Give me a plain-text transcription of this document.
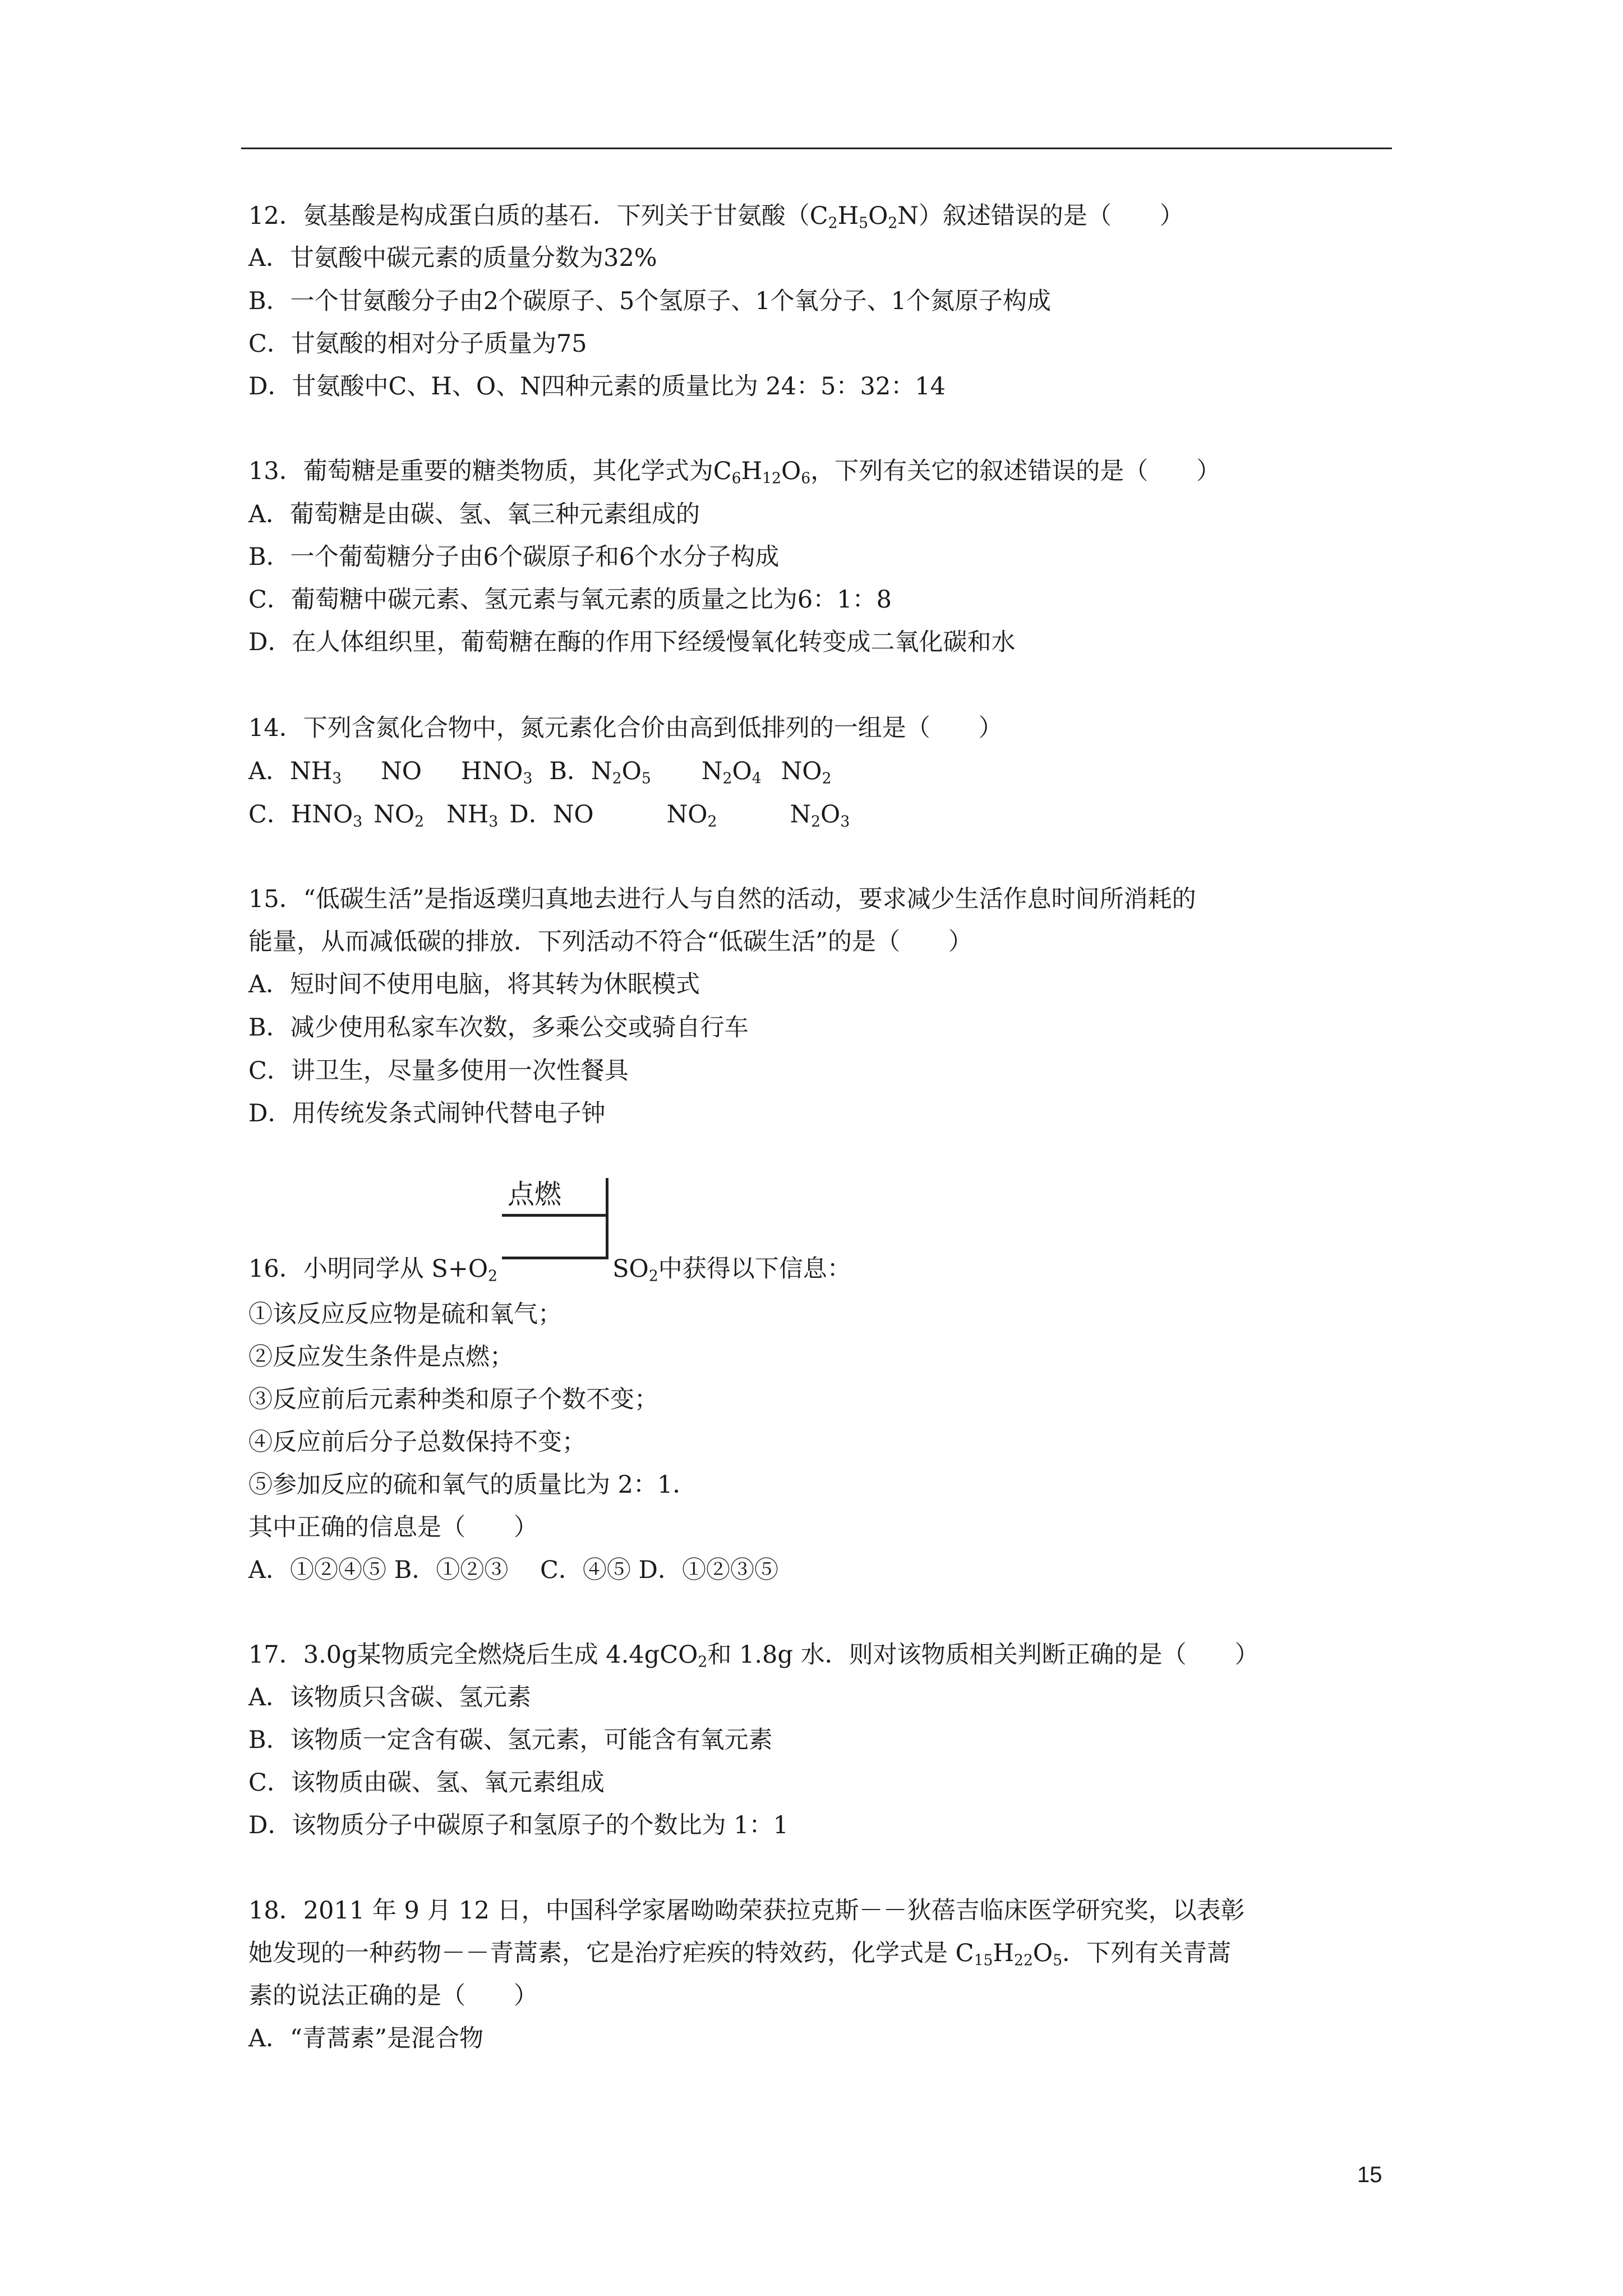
12．氨基酸是构成蛋白质的基石．下列关于甘氨酸$(C_2H_5O_2N)$叙述错误的是（　　）
A．甘氨酸中碳元素的质量分数为32%
B．一个甘氨酸分子由2个碳原子、5个氢原子、1个氧分子、1个氮原子构成
C．甘氨酸的相对分子质量为75
D．甘氨酸中C、H、O、N四种元素的质量比为 24：5：32：14
13．葡萄糖是重要的糖类物质，其化学式为$C_6H_{12}O_6$，下列有关它的叙述错误的是（　　）
A．葡萄糖是由碳、氢、氧三种元素组成的
B．一个葡萄糖分子由6个碳原子和6个水分子构成
C．葡萄糖中碳元素、氢元素与氧元素的质量之比为6：1：8
D．在人体组织里，葡萄糖在酶的作用下经缓慢氧化转变成二氧化碳和水
14．下列含氮化合物中，氮元素化合价由高到低排列的一组是（　　）
A．$NH_3$ NO $HNO_3$ B．$N_2O_5$ $N_2O_4$ $NO_2$
C．$HNO_3$ $NO_2$ $NH_3$ D．NO	$NO_2$	$N_2O_3$
15．“低碳生活”是指返璞归真地去进行人与自然的活动，要求减少生活作息时间所消耗的
能量，从而减低碳的排放．下列活动不符合“低碳生活”的是（　　）
A．短时间不使用电脑，将其转为休眠模式
B．减少使用私家车次数，多乘公交或骑自行车
C．讲卫生，尽量多使用一次性餐具
D．用传统发条式闹钟代替电子钟
点燃
16．小明同学从 $S+O_2$	$SO_2$中获得以下信息：
①该反应反应物是硫和氧气；
②反应发生条件是点燃；
③反应前后元素种类和原子个数不变；
④反应前后分子总数保持不变；
⑤参加反应的硫和氧气的质量比为 2：1．
其中正确的信息是（　　）
A．①②④⑤ B．①②③　 C．④⑤ D．①②③⑤
17．3.0g某物质完全燃烧后生成 4.4gCO$_2$和 1.8g 水．则对该物质相关判断正确的是（　　）
A．该物质只含碳、氢元素
B．该物质一定含有碳、氢元素，可能含有氧元素
C．该物质由碳、氢、氧元素组成
D．该物质分子中碳原子和氢原子的个数比为 1：1
18．2011 年 9 月 12 日，中国科学家屠呦呦荣获拉克斯－－狄蓓吉临床医学研究奖，以表彰
她发现的一种药物－－青蒿素，它是治疗疟疾的特效药，化学式是 $C_{15}H_{22}O_5$．下列有关青蒿
素的说法正确的是（　　）
A．“青蒿素”是混合物
15
